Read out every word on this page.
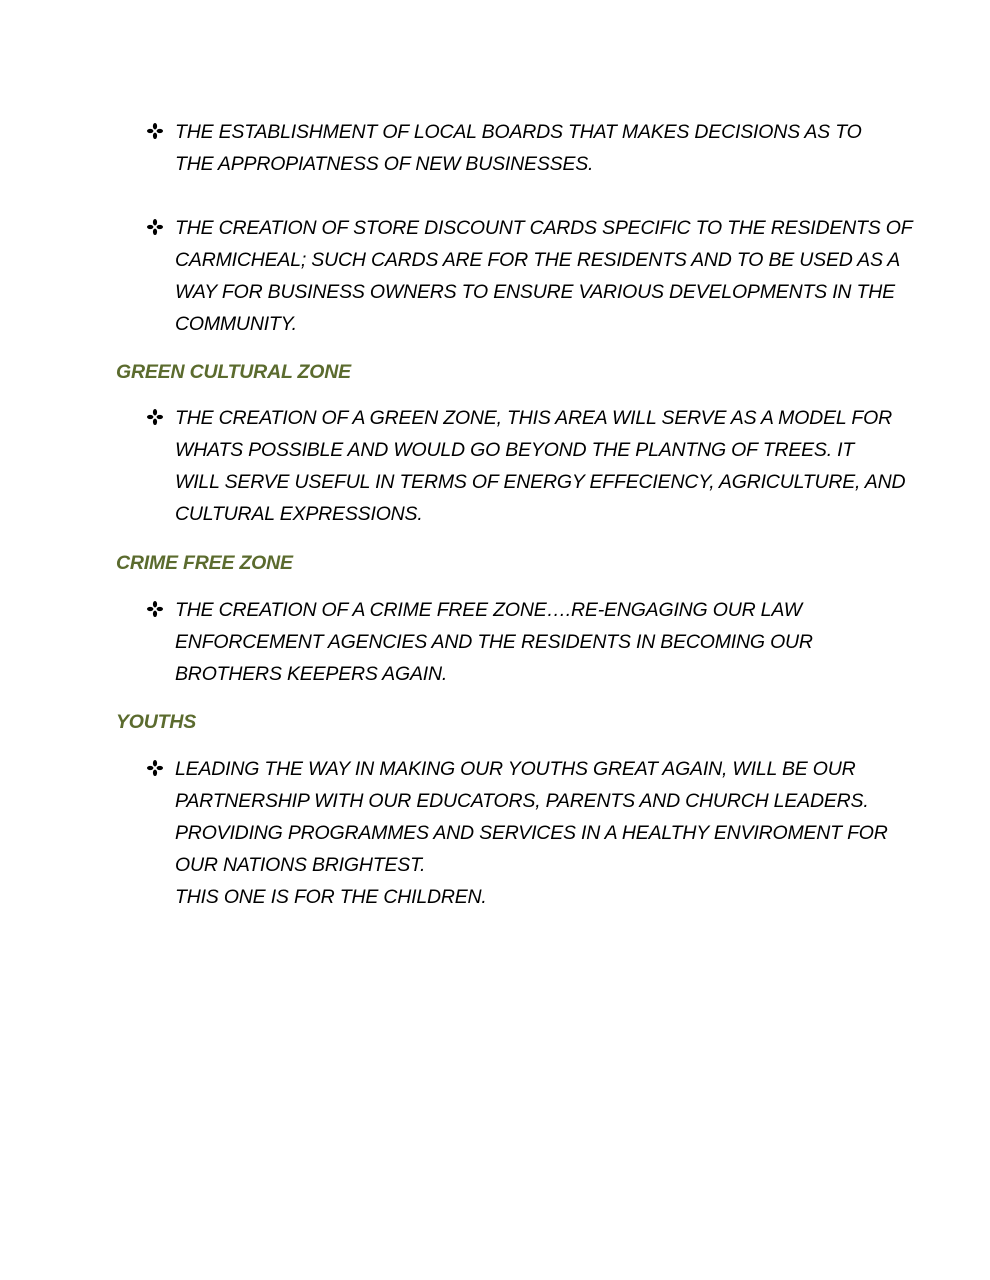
THE ESTABLISHMENT OF LOCAL BOARDS THAT MAKES DECISIONS AS TO
THE APPROPIATNESS OF NEW BUSINESSES.
THE CREATION OF STORE DISCOUNT CARDS SPECIFIC TO THE RESIDENTS OF
CARMICHEAL; SUCH CARDS ARE FOR THE RESIDENTS AND TO BE USED AS A
WAY FOR BUSINESS OWNERS TO ENSURE VARIOUS DEVELOPMENTS IN THE
COMMUNITY.
GREEN CULTURAL ZONE
THE CREATION OF A GREEN ZONE, THIS AREA WILL SERVE AS A MODEL FOR
WHATS POSSIBLE AND WOULD GO BEYOND THE PLANTNG OF TREES. IT
WILL SERVE USEFUL IN TERMS OF ENERGY EFFECIENCY, AGRICULTURE, AND
CULTURAL EXPRESSIONS.
CRIME FREE ZONE
THE CREATION OF A CRIME FREE ZONE….RE-ENGAGING OUR LAW
ENFORCEMENT AGENCIES AND THE RESIDENTS IN BECOMING OUR
BROTHERS KEEPERS AGAIN.
YOUTHS
LEADING THE WAY IN MAKING OUR YOUTHS GREAT AGAIN, WILL BE OUR
PARTNERSHIP WITH OUR EDUCATORS, PARENTS AND CHURCH LEADERS.
PROVIDING PROGRAMMES AND SERVICES IN A HEALTHY ENVIROMENT FOR
OUR NATIONS BRIGHTEST.
THIS ONE IS FOR THE CHILDREN.
